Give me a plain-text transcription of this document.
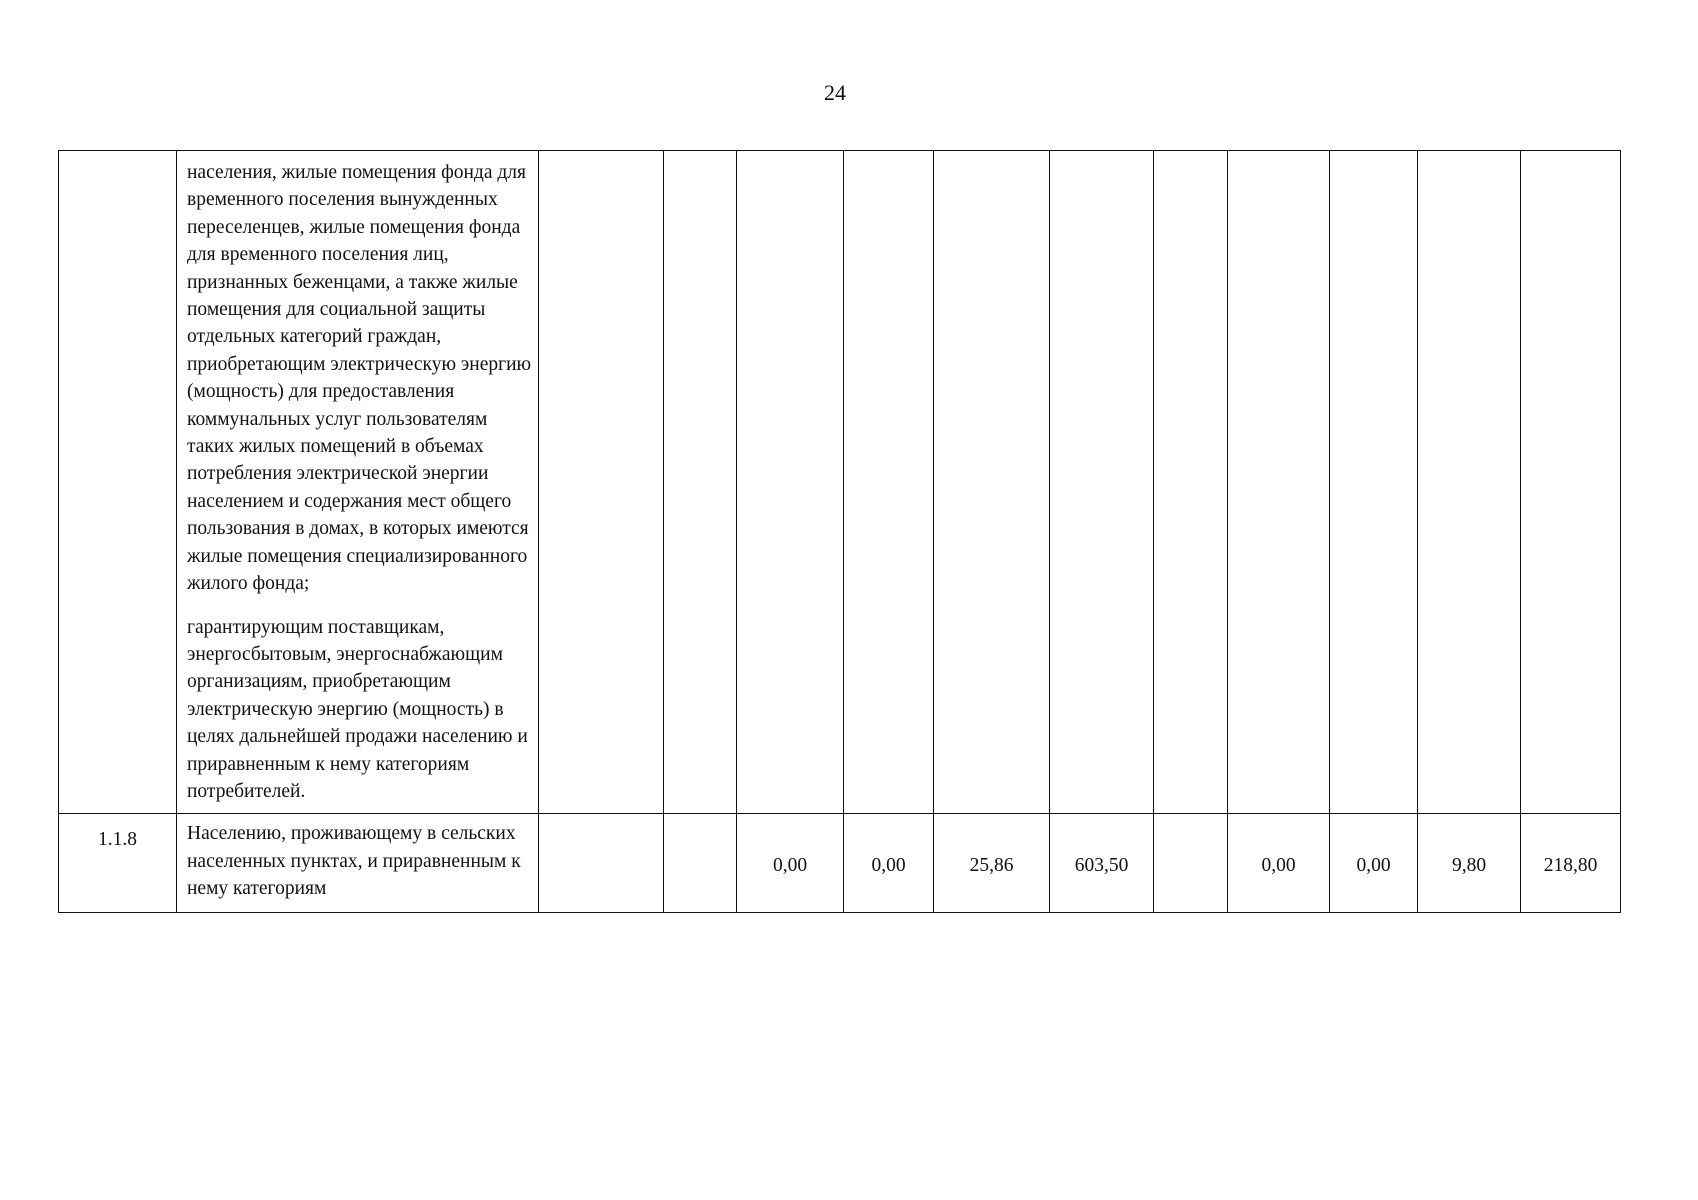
24

	населения, жилые помещения фонда для временного поселения вынужденных переселенцев, жилые помещения фонда для временного поселения лиц, признанных беженцами, а также жилые помещения для социальной защиты отдельных категорий граждан, приобретающим электрическую энергию (мощность) для предоставления коммунальных услуг пользователям таких жилых помещений в объемах потребления электрической энергии населением и содержания мест общего пользования в домах, в которых имеются жилые помещения специализированного жилого фонда;

гарантирующим поставщикам, энергосбытовым, энергоснабжающим организациям, приобретающим электрическую энергию (мощность) в целях дальнейшей продажи населению и приравненным к нему категориям потребителей.											

1.1.8	Населению, проживающему в сельских населенных пунктах, и приравненным к нему категориям			0,00	0,00	25,86	603,50		0,00	0,00	9,80	218,80
